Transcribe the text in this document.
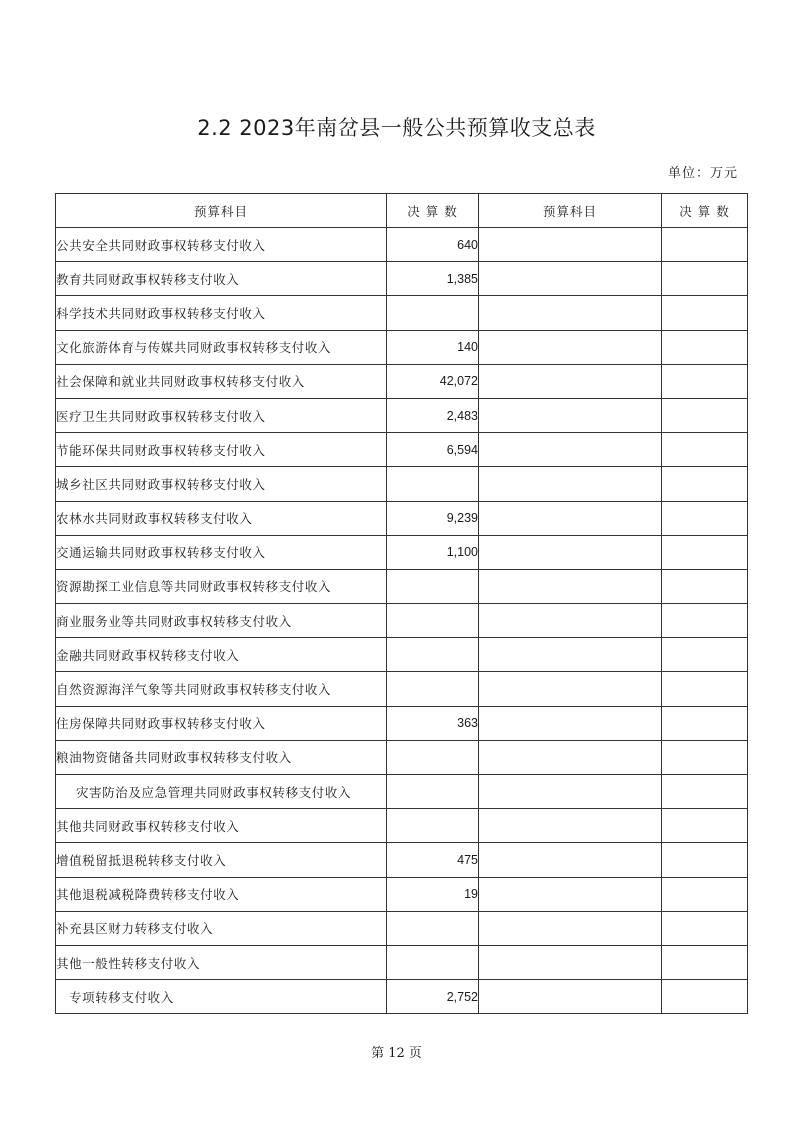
2.2 2023年南岔县一般公共预算收支总表
单位：万元
预算科目	决 算 数	预算科目	决 算 数
公共安全共同财政事权转移支付收入	640		
教育共同财政事权转移支付收入	1,385		
科学技术共同财政事权转移支付收入			
文化旅游体育与传媒共同财政事权转移支付收入	140		
社会保障和就业共同财政事权转移支付收入	42,072		
医疗卫生共同财政事权转移支付收入	2,483		
节能环保共同财政事权转移支付收入	6,594		
城乡社区共同财政事权转移支付收入			
农林水共同财政事权转移支付收入	9,239		
交通运输共同财政事权转移支付收入	1,100		
资源勘探工业信息等共同财政事权转移支付收入			
商业服务业等共同财政事权转移支付收入			
金融共同财政事权转移支付收入			
自然资源海洋气象等共同财政事权转移支付收入			
住房保障共同财政事权转移支付收入	363		
粮油物资储备共同财政事权转移支付收入			
灾害防治及应急管理共同财政事权转移支付收入			
其他共同财政事权转移支付收入			
增值税留抵退税转移支付收入	475		
其他退税减税降费转移支付收入	19		
补充县区财力转移支付收入			
其他一般性转移支付收入			
专项转移支付收入	2,752		
第 12 页
